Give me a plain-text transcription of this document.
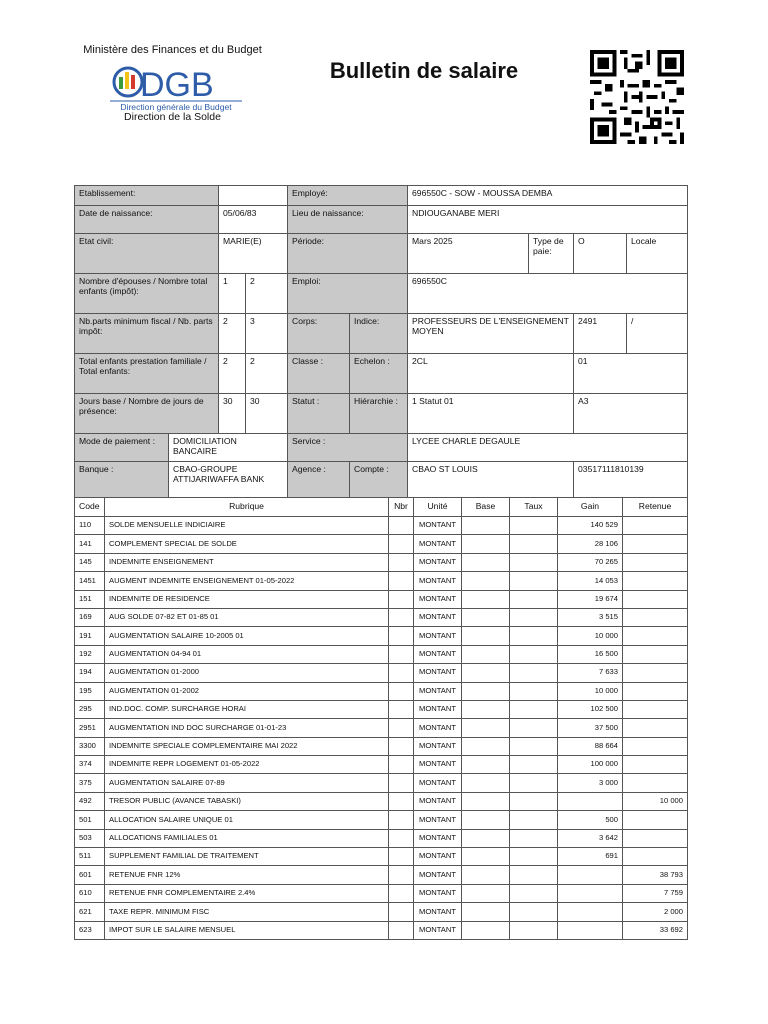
Ministère des Finances et du Budget
DGB
Direction générale du Budget
Direction de la Solde
Bulletin de salaire
Etablissement:				Employé:		696550C - SOW - MOUSSA DEMBA			
Date de naissance:		05/06/83		Lieu de naissance:		NDIOUGANABE MERI			
Etat civil:		MARIE(E)		Période:		Mars 2025	Type de paie:	O	Locale
Nombre d'épouses / Nombre total enfants (impôt):		1	2	Emploi:		696550C			
Nb.parts minimum fiscal / Nb. parts impôt:		2	3	Corps:	Indice:	PROFESSEURS DE L'ENSEIGNEMENT MOYEN		2491	/
Total enfants prestation familiale / Total enfants:		2	2	Classe :	Echelon :	2CL		01	
Jours base / Nombre de jours de présence:		30	30	Statut :	Hiérarchie :	1 Statut 01		A3	
Mode de paiement :	DOMICILIATION BANCAIRE			Service :		LYCEE CHARLE DEGAULE			
Banque :	CBAO-GROUPE ATTIJARIWAFFA BANK			Agence :	Compte :	CBAO ST LOUIS		03517111810139	
Code	Rubrique	Nbr	Unité	Base	Taux	Gain	Retenue
110	SOLDE MENSUELLE INDICIAIRE		MONTANT			140 529	
141	COMPLEMENT SPECIAL DE SOLDE		MONTANT			28 106	
145	INDEMNITE ENSEIGNEMENT		MONTANT			70 265	
1451	AUGMENT INDEMNITE ENSEIGNEMENT 01-05-2022		MONTANT			14 053	
151	INDEMNITE DE RESIDENCE		MONTANT			19 674	
169	AUG SOLDE 07-82 ET 01-85 01		MONTANT			3 515	
191	AUGMENTATION SALAIRE 10-2005 01		MONTANT			10 000	
192	AUGMENTATION 04-94 01		MONTANT			16 500	
194	AUGMENTATION 01-2000		MONTANT			7 633	
195	AUGMENTATION 01-2002		MONTANT			10 000	
295	IND.DOC. COMP. SURCHARGE HORAI		MONTANT			102 500	
2951	AUGMENTATION IND DOC SURCHARGE 01-01-23		MONTANT			37 500	
3300	INDEMNITE SPECIALE COMPLEMENTAIRE MAI 2022		MONTANT			88 664	
374	INDEMNITE REPR LOGEMENT 01-05-2022		MONTANT			100 000	
375	AUGMENTATION SALAIRE 07-89		MONTANT			3 000	
492	TRESOR PUBLIC (AVANCE TABASKI)		MONTANT				10 000
501	ALLOCATION SALAIRE UNIQUE 01		MONTANT			500	
503	ALLOCATIONS FAMILIALES 01		MONTANT			3 642	
511	SUPPLEMENT FAMILIAL DE TRAITEMENT		MONTANT			691	
601	RETENUE FNR 12%		MONTANT				38 793
610	RETENUE FNR COMPLEMENTAIRE 2.4%		MONTANT				7 759
621	TAXE REPR. MINIMUM FISC		MONTANT				2 000
623	IMPOT SUR LE SALAIRE MENSUEL		MONTANT				33 692
